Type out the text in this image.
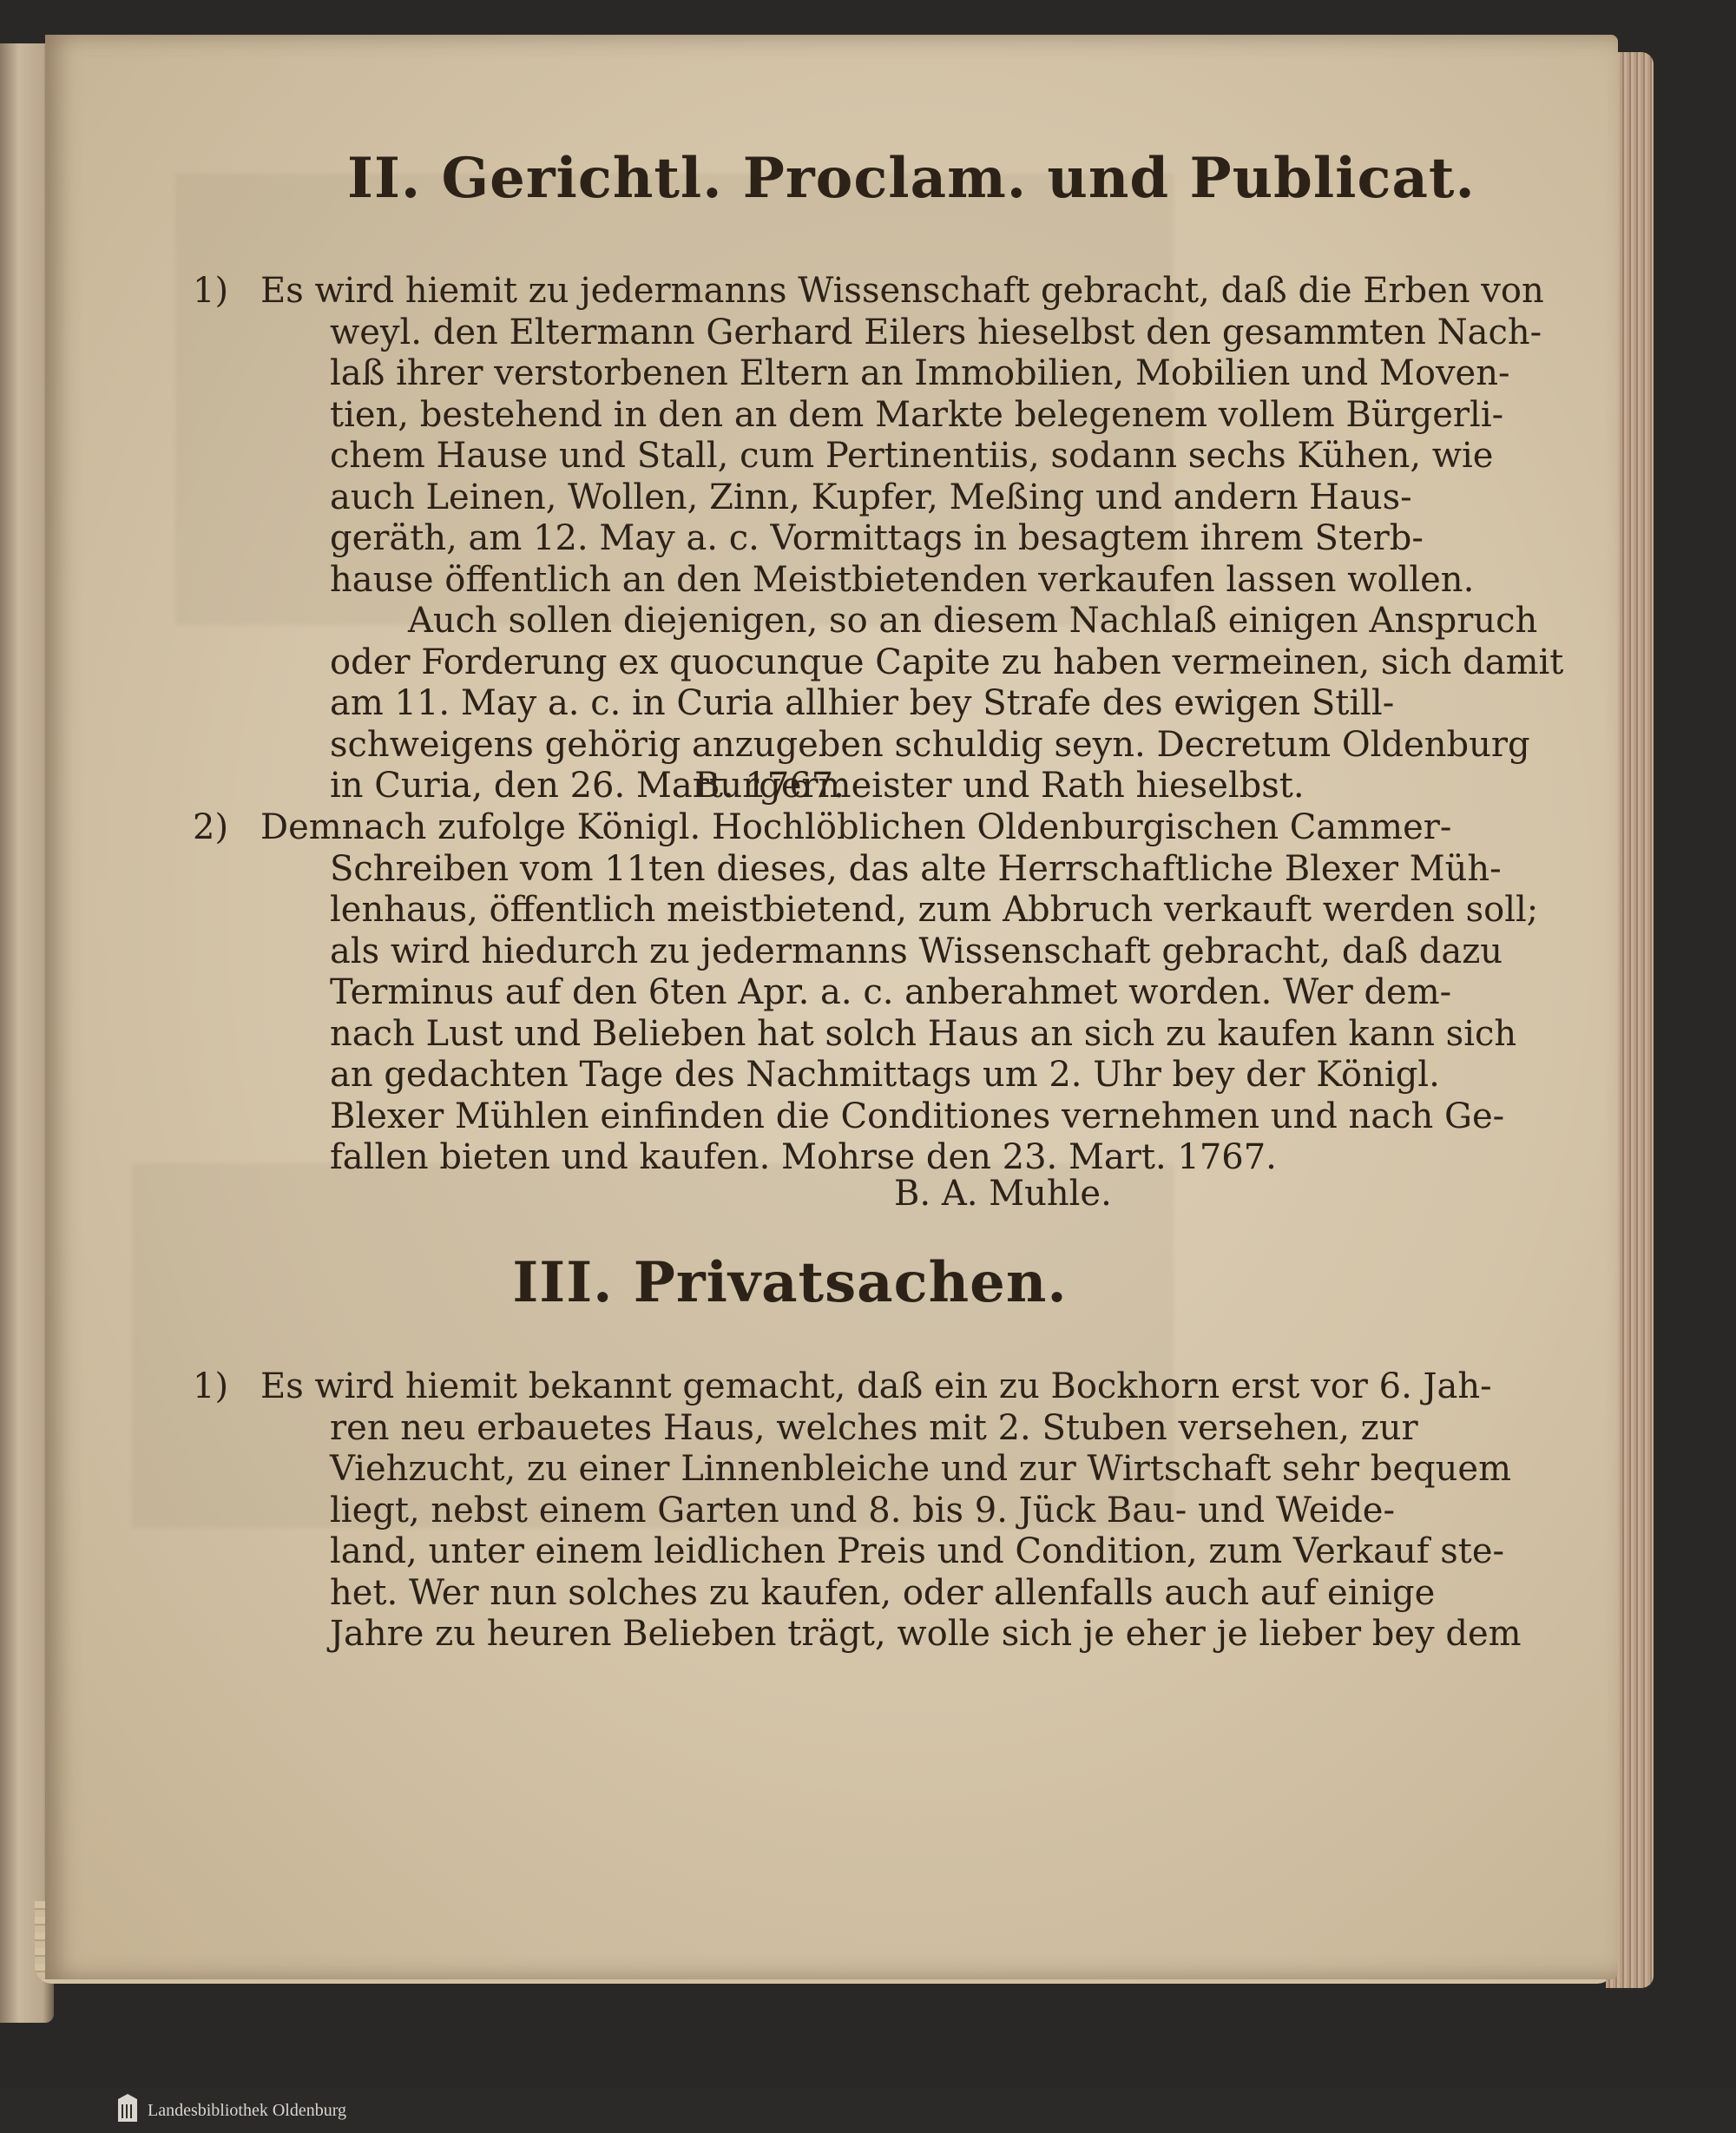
II. Gerichtl. Proclam. und Publicat.
1) Es wird hiemit zu jedermanns Wissenschaft gebracht, daß die Erben von
weyl. den Eltermann Gerhard Eilers hieselbst den gesammten Nach-
laß ihrer verstorbenen Eltern an Immobilien, Mobilien und Moven-
tien, bestehend in den an dem Markte belegenem vollem Bürgerli-
chem Hause und Stall, cum Pertinentiis, sodann sechs Kühen, wie
auch Leinen, Wollen, Zinn, Kupfer, Meßing und andern Haus-
geräth, am 12. May a. c. Vormittags in besagtem ihrem Sterb-
hause öffentlich an den Meistbietenden verkaufen lassen wollen.
Auch sollen diejenigen, so an diesem Nachlaß einigen Anspruch
oder Forderung ex quocunque Capite zu haben vermeinen, sich damit
am 11. May a. c. in Curia allhier bey Strafe des ewigen Still-
schweigens gehörig anzugeben schuldig seyn. Decretum Oldenburg
in Curia, den 26. Mart. 1767.
Burgermeister und Rath hieselbst.
2) Demnach zufolge Königl. Hochlöblichen Oldenburgischen Cammer-
Schreiben vom 11ten dieses, das alte Herrschaftliche Blexer Müh-
lenhaus, öffentlich meistbietend, zum Abbruch verkauft werden soll;
als wird hiedurch zu jedermanns Wissenschaft gebracht, daß dazu
Terminus auf den 6ten Apr. a. c. anberahmet worden. Wer dem-
nach Lust und Belieben hat solch Haus an sich zu kaufen kann sich
an gedachten Tage des Nachmittags um 2. Uhr bey der Königl.
Blexer Mühlen einfinden die Conditiones vernehmen und nach Ge-
fallen bieten und kaufen. Mohrse den 23. Mart. 1767.
B. A. Muhle.
III. Privatsachen.
1) Es wird hiemit bekannt gemacht, daß ein zu Bockhorn erst vor 6. Jah-
ren neu erbauetes Haus, welches mit 2. Stuben versehen, zur
Viehzucht, zu einer Linnenbleiche und zur Wirtschaft sehr bequem
liegt, nebst einem Garten und 8. bis 9. Jück Bau- und Weide-
land, unter einem leidlichen Preis und Condition, zum Verkauf ste-
het. Wer nun solches zu kaufen, oder allenfalls auch auf einige
Jahre zu heuren Belieben trägt, wolle sich je eher je lieber bey dem
Landesbibliothek Oldenburg
